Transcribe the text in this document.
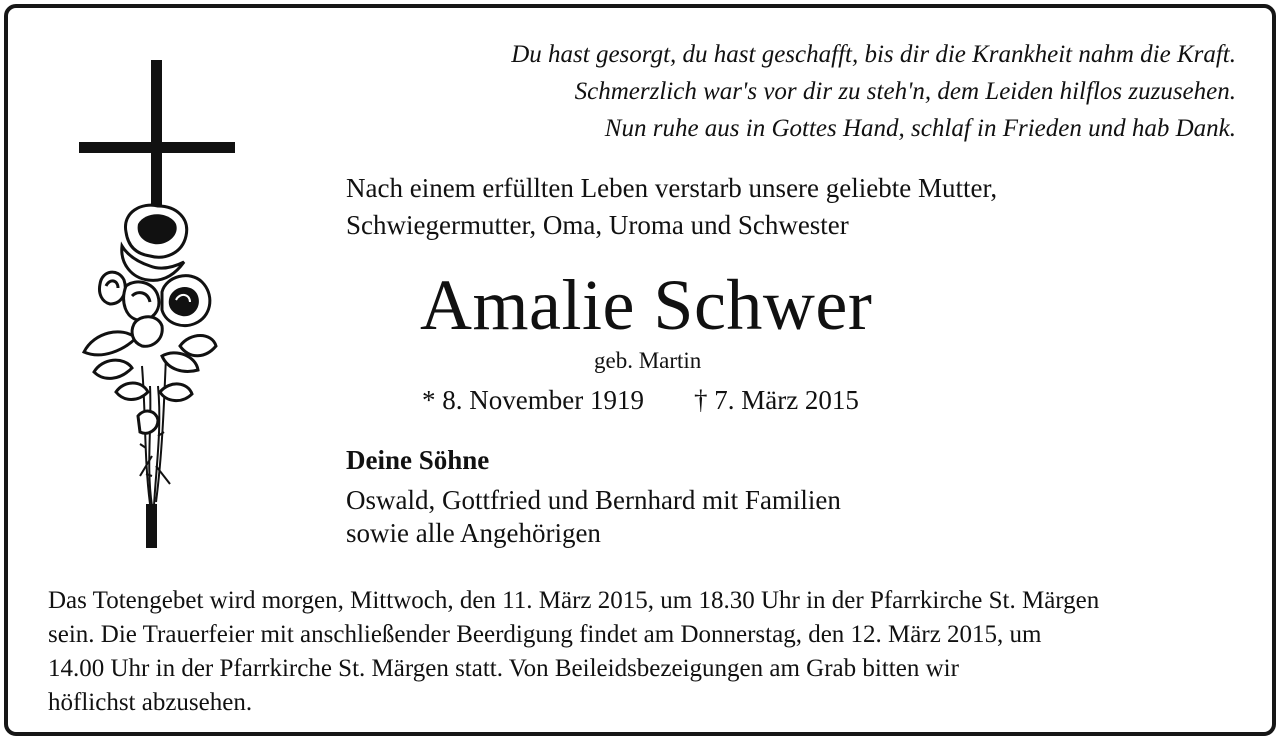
Du hast gesorgt, du hast geschafft, bis dir die Krankheit nahm die Kraft.
Schmerzlich war's vor dir zu steh'n, dem Leiden hilflos zuzusehen.
Nun ruhe aus in Gottes Hand, schlaf in Frieden und hab Dank.
Nach einem erfüllten Leben verstarb unsere geliebte Mutter,
Schwiegermutter, Oma, Uroma und Schwester
Amalie Schwer
geb. Martin
* 8. November 1919 † 7. März 2015
Deine Söhne
Oswald, Gottfried und Bernhard mit Familien
sowie alle Angehörigen
Das Totengebet wird morgen, Mittwoch, den 11. März 2015, um 18.30 Uhr in der Pfarrkirche St. Märgen
sein. Die Trauerfeier mit anschließender Beerdigung findet am Donnerstag, den 12. März 2015, um
14.00 Uhr in der Pfarrkirche St. Märgen statt. Von Beileidsbezeigungen am Grab bitten wir
höflichst abzusehen.
